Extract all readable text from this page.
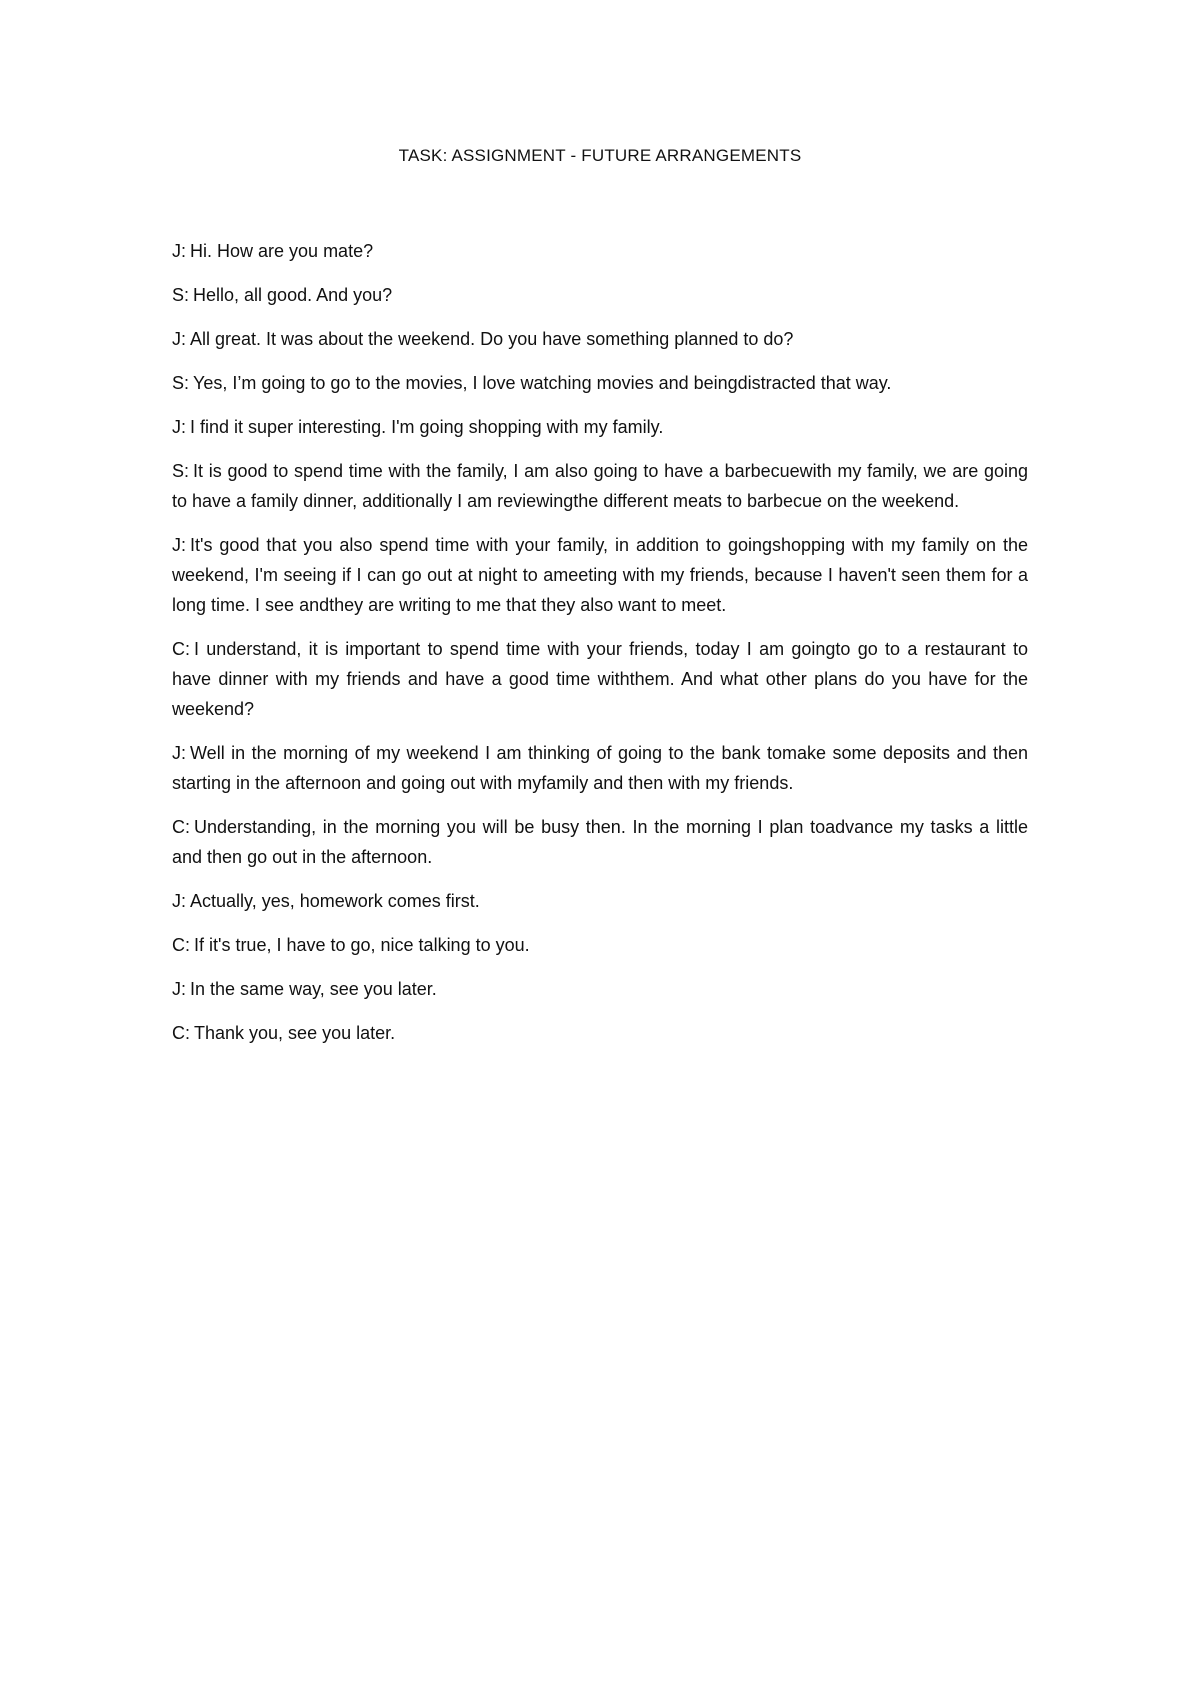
TASK: ASSIGNMENT - FUTURE ARRANGEMENTS

J: Hi. How are you mate?

S: Hello, all good. And you?

J: All great. It was about the weekend. Do you have something planned to do?

S: Yes, I’m going to go to the movies, I love watching movies and beingdistracted that way.

J: I find it super interesting. I'm going shopping with my family.

S: It is good to spend time with the family, I am also going to have a barbecuewith my family, we are going to have a family dinner, additionally I am reviewingthe different meats to barbecue on the weekend.

J: It's good that you also spend time with your family, in addition to goingshopping with my family on the weekend, I'm seeing if I can go out at night to ameeting with my friends, because I haven't seen them for a long time. I see andthey are writing to me that they also want to meet.

C: I understand, it is important to spend time with your friends, today I am goingto go to a restaurant to have dinner with my friends and have a good time withthem. And what other plans do you have for the weekend?

J: Well in the morning of my weekend I am thinking of going to the bank tomake some deposits and then starting in the afternoon and going out with myfamily and then with my friends.

C: Understanding, in the morning you will be busy then. In the morning I plan toadvance my tasks a little and then go out in the afternoon.

J: Actually, yes, homework comes first.

C: If it's true, I have to go, nice talking to you.

J: In the same way, see you later.

C: Thank you, see you later.
